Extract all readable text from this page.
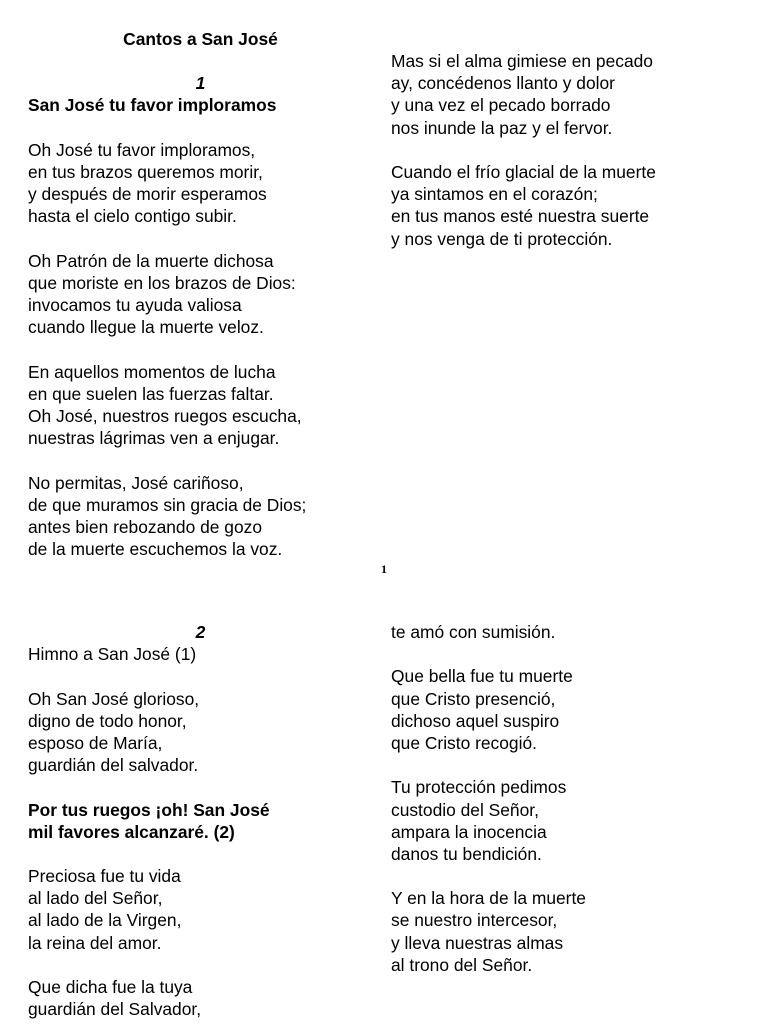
Cantos a San José
1
San José tu favor imploramos
Oh José tu favor imploramos,
en tus brazos queremos morir,
y después de morir esperamos
hasta el cielo contigo subir.
Oh Patrón de la muerte dichosa
que moriste en los brazos de Dios:
invocamos tu ayuda valiosa
cuando llegue la muerte veloz.
En aquellos momentos de lucha
en que suelen las fuerzas faltar.
Oh José, nuestros ruegos escucha,
nuestras lágrimas ven a enjugar.
No permitas, José cariñoso,
de que muramos sin gracia de Dios;
antes bien rebozando de gozo
de la muerte escuchemos la voz.
Mas si el alma gimiese en pecado
ay, concédenos llanto y dolor
y una vez el pecado borrado
nos inunde la paz y el fervor.
Cuando el frío glacial de la muerte
ya sintamos en el corazón;
en tus manos esté nuestra suerte
y nos venga de ti protección.
1
2
Himno a San José (1)
Oh San José glorioso,
digno de todo honor,
esposo de María,
guardián del salvador.
Por tus ruegos ¡oh! San José
mil favores alcanzaré. (2)
Preciosa fue tu vida
al lado del Señor,
al lado de la Virgen,
la reina del amor.
Que dicha fue la tuya
guardián del Salvador,
te amó con sumisión.
Que bella fue tu muerte
que Cristo presenció,
dichoso aquel suspiro
que Cristo recogió.
Tu protección pedimos
custodio del Señor,
ampara la inocencia
danos tu bendición.
Y en la hora de la muerte
se nuestro intercesor,
y lleva nuestras almas
al trono del Señor.
